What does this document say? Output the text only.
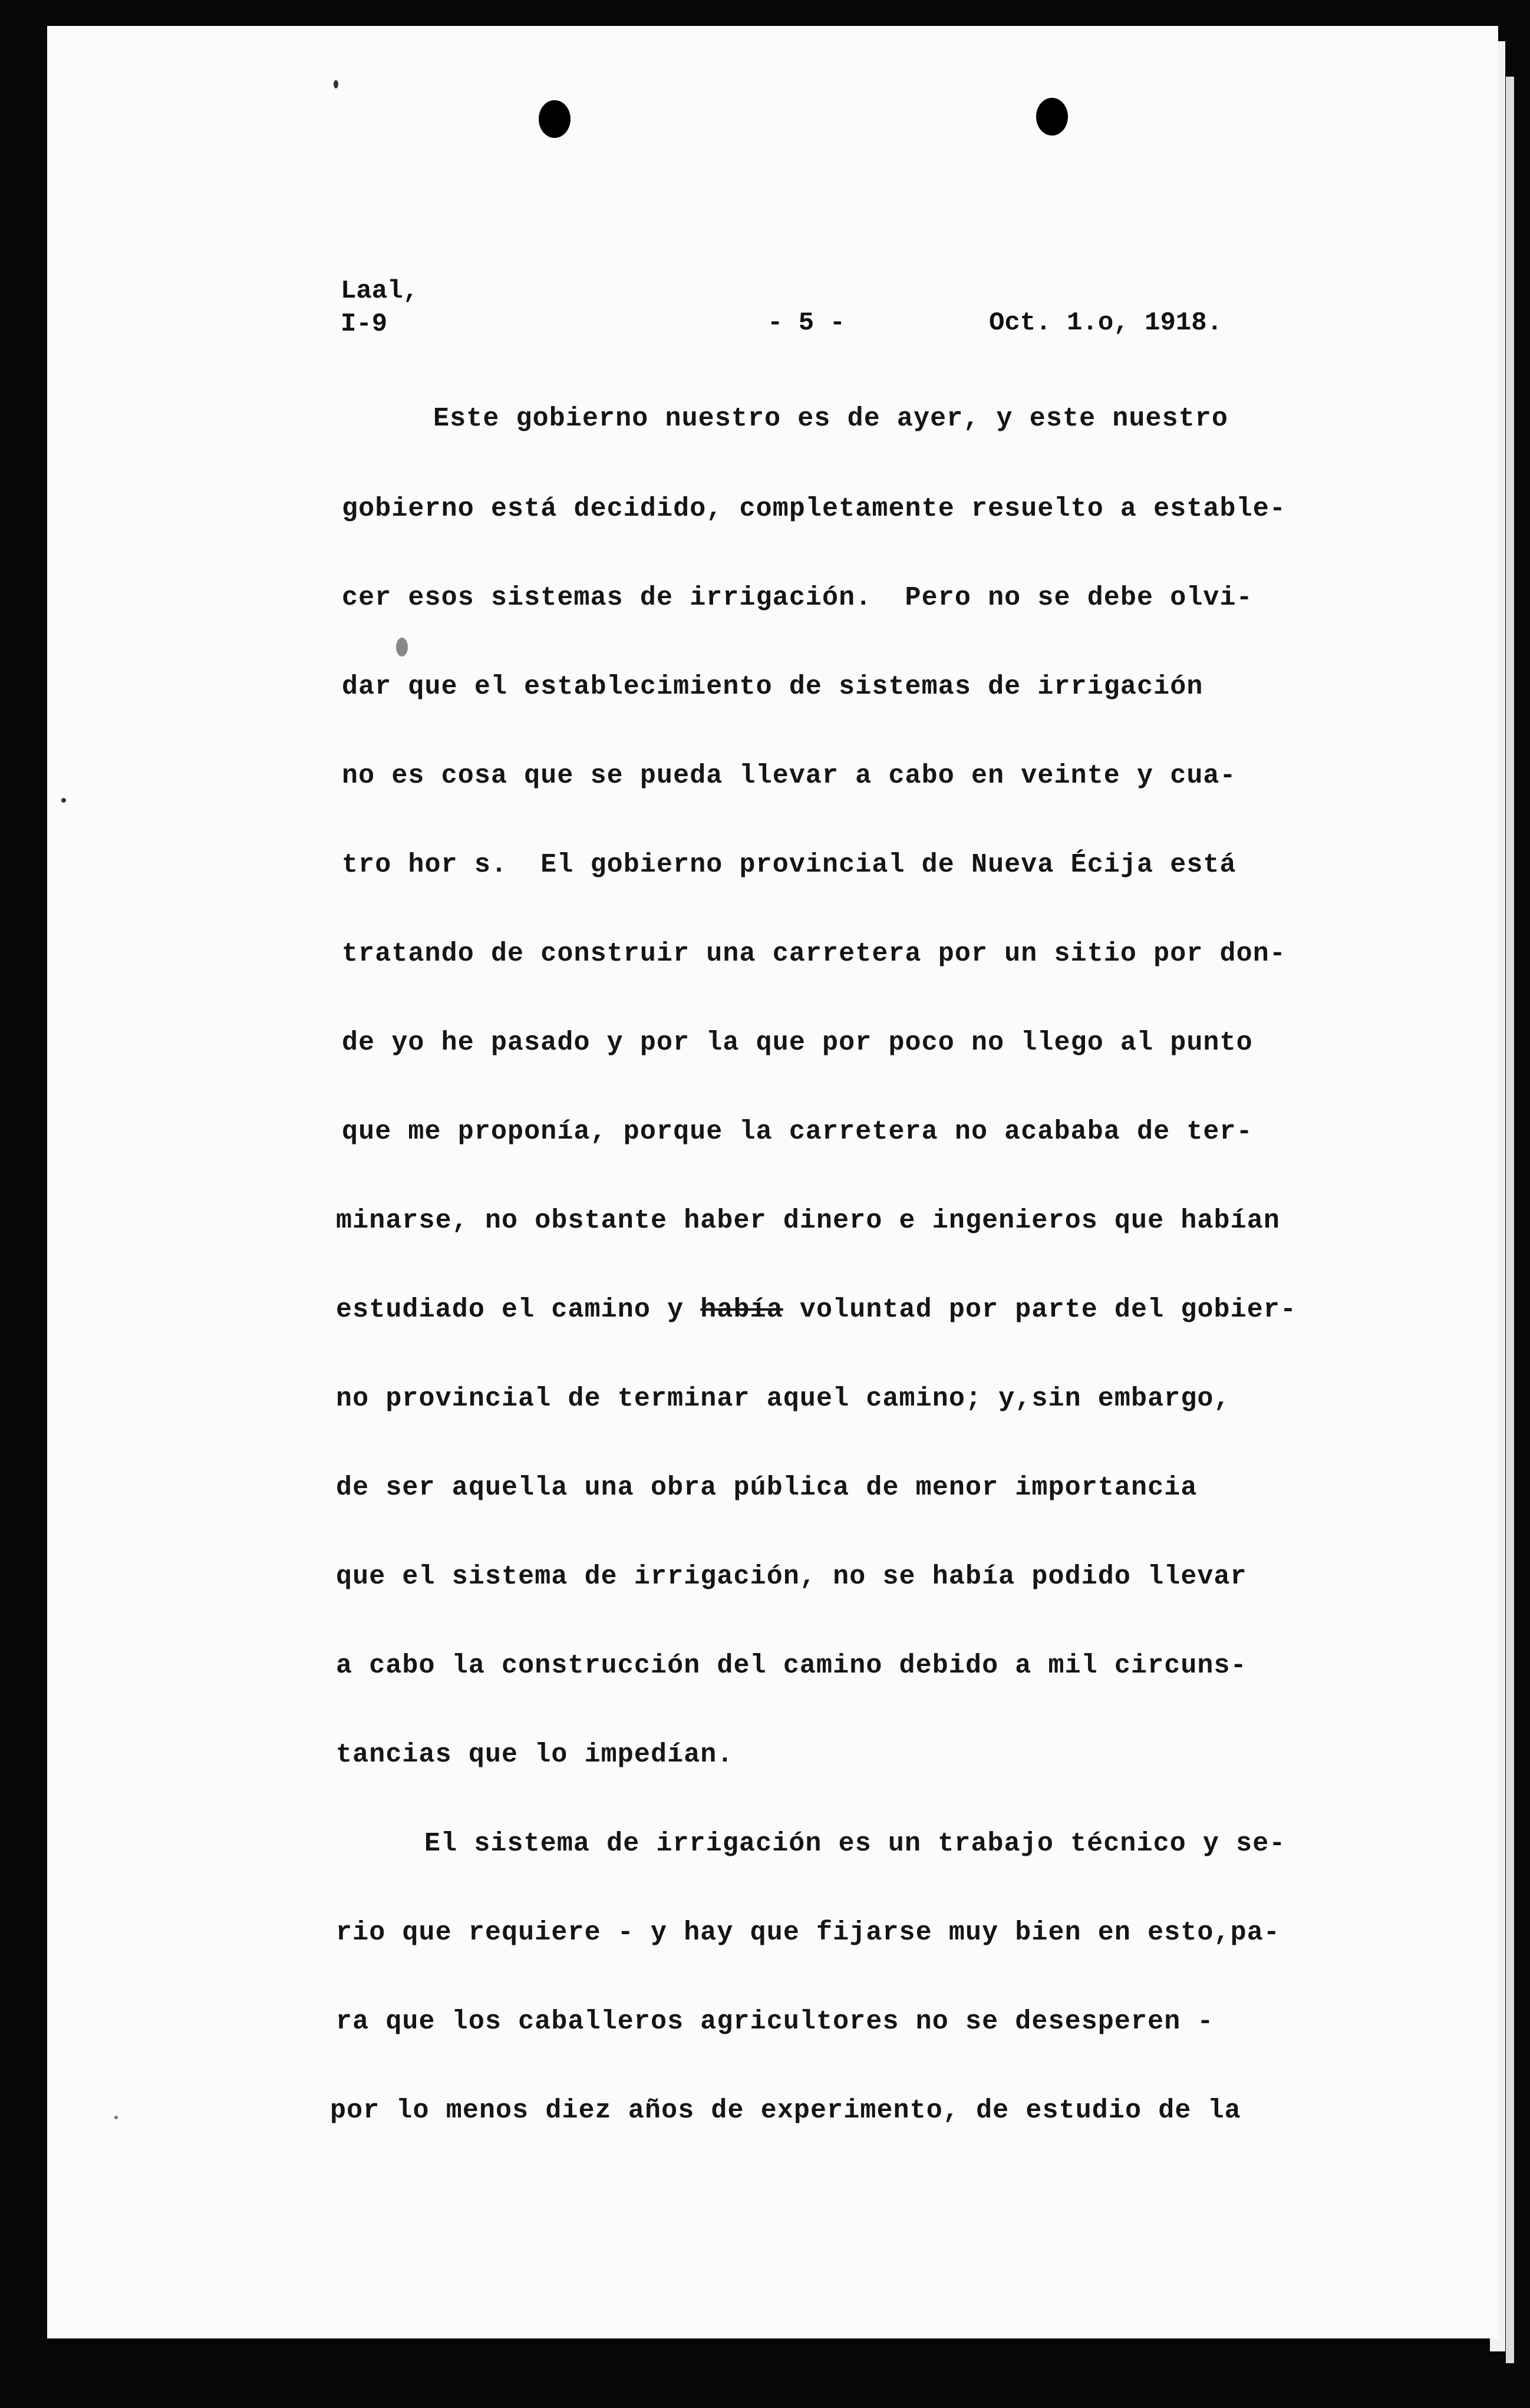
Laal,
I-9	- 5 -	Oct. 1.o, 1918.
Este gobierno nuestro es de ayer, y este nuestro
gobierno está decidido, completamente resuelto a estable-
cer esos sistemas de irrigación.  Pero no se debe olvi-
dar que el establecimiento de sistemas de irrigación
no es cosa que se pueda llevar a cabo en veinte y cua-
tro hor s.  El gobierno provincial de Nueva Écija está
tratando de construir una carretera por un sitio por don-
de yo he pasado y por la que por poco no llego al punto
que me proponía, porque la carretera no acababa de ter-
minarse, no obstante haber dinero e ingenieros que habían
estudiado el camino y había voluntad por parte del gobier-
no provincial de terminar aquel camino; y,sin embargo,
de ser aquella una obra pública de menor importancia
que el sistema de irrigación, no se había podido llevar
a cabo la construcción del camino debido a mil circuns-
tancias que lo impedían.
El sistema de irrigación es un trabajo técnico y se-
rio que requiere - y hay que fijarse muy bien en esto,pa-
ra que los caballeros agricultores no se desesperen -
por lo menos diez años de experimento, de estudio de la
